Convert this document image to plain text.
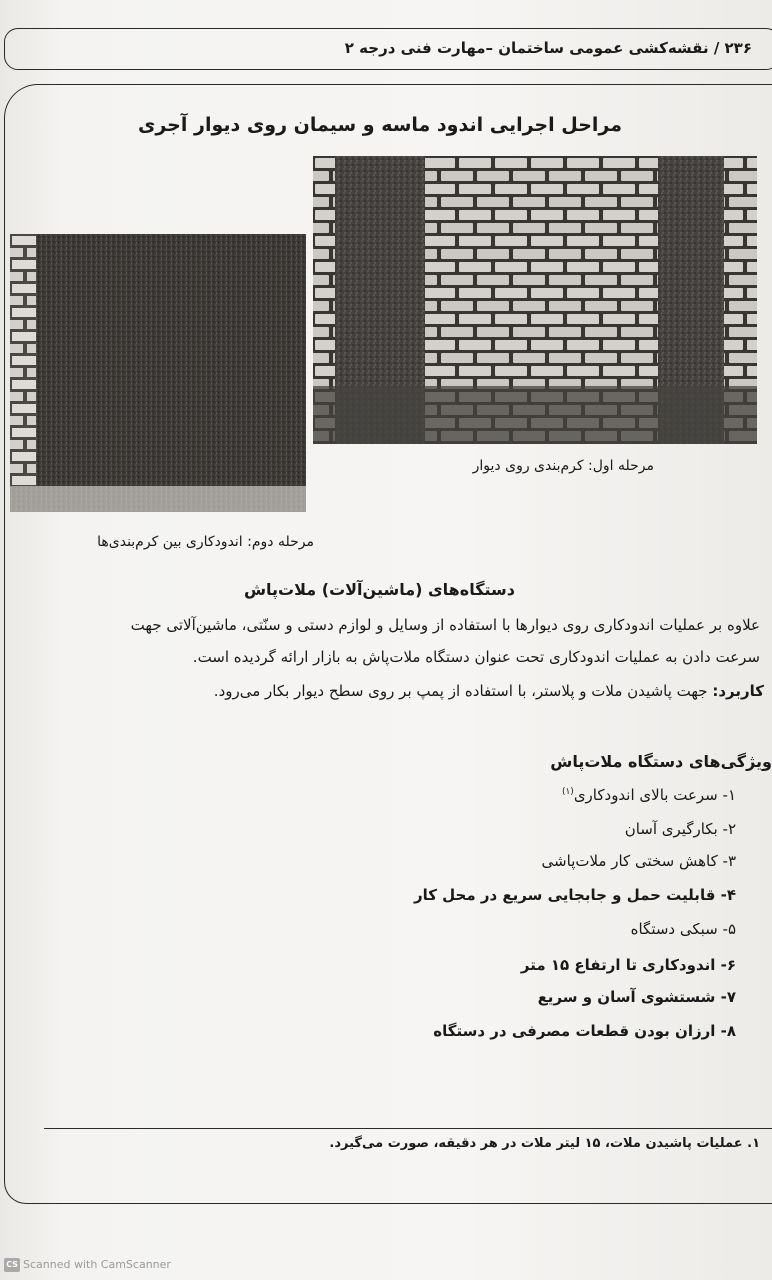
۲۳۶ / نقشه‌کشی عمومی ساختمان –مهارت فنی درجه ۲
مراحل اجرایی اندود ماسه و سیمان روی دیوار آجری
مرحله اول: کرم‌بندی روی دیوار
مرحله دوم: اندودکاری بین کرم‌بندی‌ها
دستگاه‌های (ماشین‌آلات) ملات‌پاش
علاوه بر عملیات اندودکاری روی دیوارها با استفاده از وسایل و لوازم دستی و سنّتی، ماشین‌آلاتی جهت
سرعت دادن به عملیات اندودکاری تحت عنوان دستگاه ملات‌پاش به بازار ارائه گردیده است.
کاربرد: جهت پاشیدن ملات و پلاستر، با استفاده از پمپ بر روی سطح دیوار بکار می‌رود.
ویژگی‌های دستگاه ملات‌پاش
۱- سرعت بالای اندودکاری$^{(۱)}$
۲- بکارگیری آسان
۳- کاهش سختی کار ملات‌پاشی
۴- قابلیت حمل و جابجایی سریع در محل کار
۵- سبکی دستگاه
۶- اندودکاری تا ارتفاع ۱۵ متر
۷- شستشوی آسان و سریع
۸- ارزان بودن قطعات مصرفی در دستگاه
۱. عملیات پاشیدن ملات، ۱۵ لیتر ملات در هر دقیقه، صورت می‌گیرد.
CS Scanned with CamScanner
